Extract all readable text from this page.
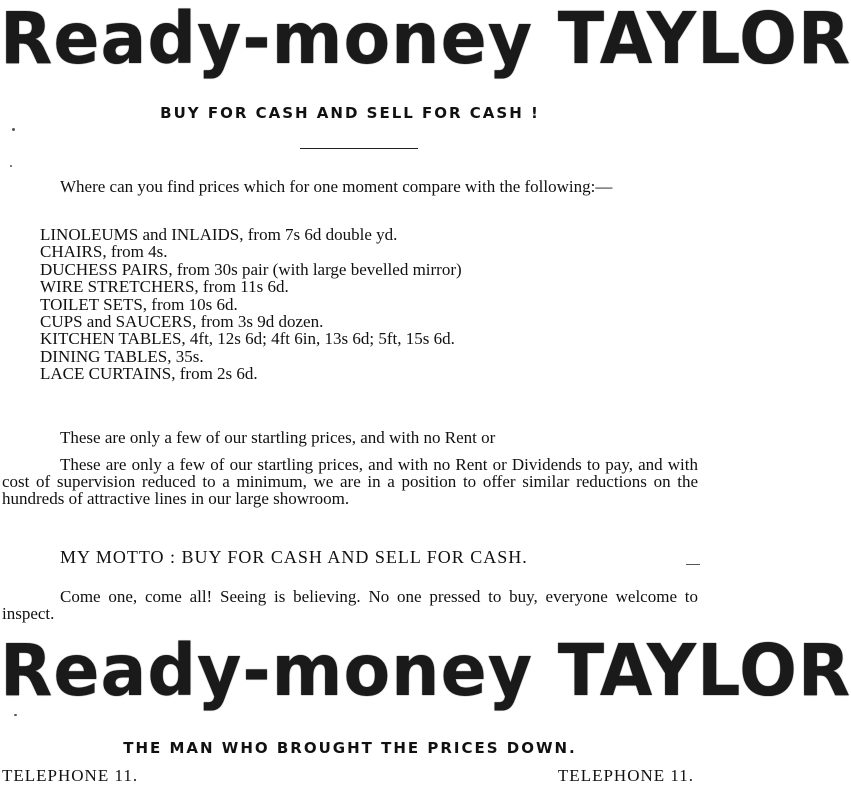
Ready-money TAYLOR
BUY FOR CASH AND SELL FOR CASH !

Where can you find prices which for one moment compare with the following:—

LINOLEUMS and INLAIDS, from 7s 6d double yd.
CHAIRS, from 4s.
DUCHESS PAIRS, from 30s pair (with large bevelled mirror)
WIRE STRETCHERS, from 11s 6d.
TOILET SETS, from 10s 6d.
CUPS and SAUCERS, from 3s 9d dozen.
KITCHEN TABLES, 4ft, 12s 6d; 4ft 6in, 13s 6d; 5ft, 15s 6d.
DINING TABLES, 35s.
LACE CURTAINS, from 2s 6d.
These are only a few of our startling prices, and with no Rent or

These are only a few of our startling prices, and with no Rent or Dividends to pay, and with cost of supervision reduced to a minimum, we are in a position to offer similar reductions on the hundreds of attractive lines in our large showroom.

MY MOTTO : BUY FOR CASH AND SELL FOR CASH.

Come one, come all! Seeing is believing. No one pressed to buy, everyone welcome to inspect.

Ready-money TAYLOR
THE MAN WHO BROUGHT THE PRICES DOWN.
TELEPHONE 11.	TELEPHONE 11.
